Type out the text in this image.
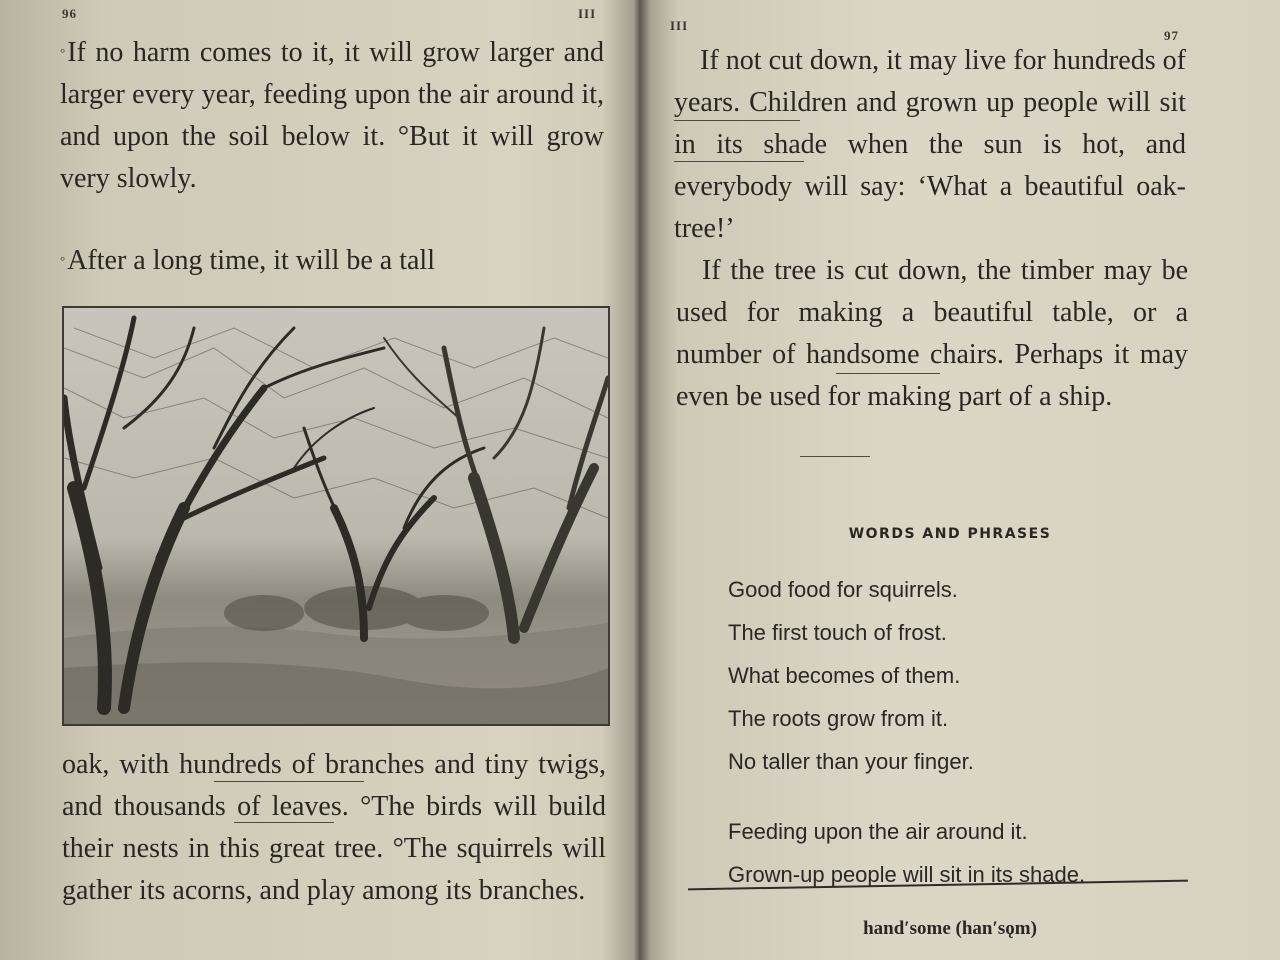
96	III

°If no harm comes to it, it will grow larger and larger every year, feeding upon the air around it, and upon the soil below it. °But it will grow very slowly.

°After a long time, it will be a tall

oak, with hundreds of branches and tiny twigs, and thousands of leaves. °The birds will build their nests in this great tree. °The squirrels will gather its acorns, and play among its branches.

III
97

If not cut down, it may live for hundreds of years. Children and grown up people will sit in its shade when the sun is hot, and everybody will say: ‘What a beautiful oak-tree!’

If the tree is cut down, the timber may be used for making a beautiful table, or a number of handsome chairs. Perhaps it may even be used for making part of a ship.

WORDS AND PHRASES
Good food for squirrels.
The first touch of frost.
What becomes of them.
The roots grow from it.
No taller than your finger.
Feeding upon the air around it.
Grown-up people will sit in its shade.
hand′some (han′sǫm)
